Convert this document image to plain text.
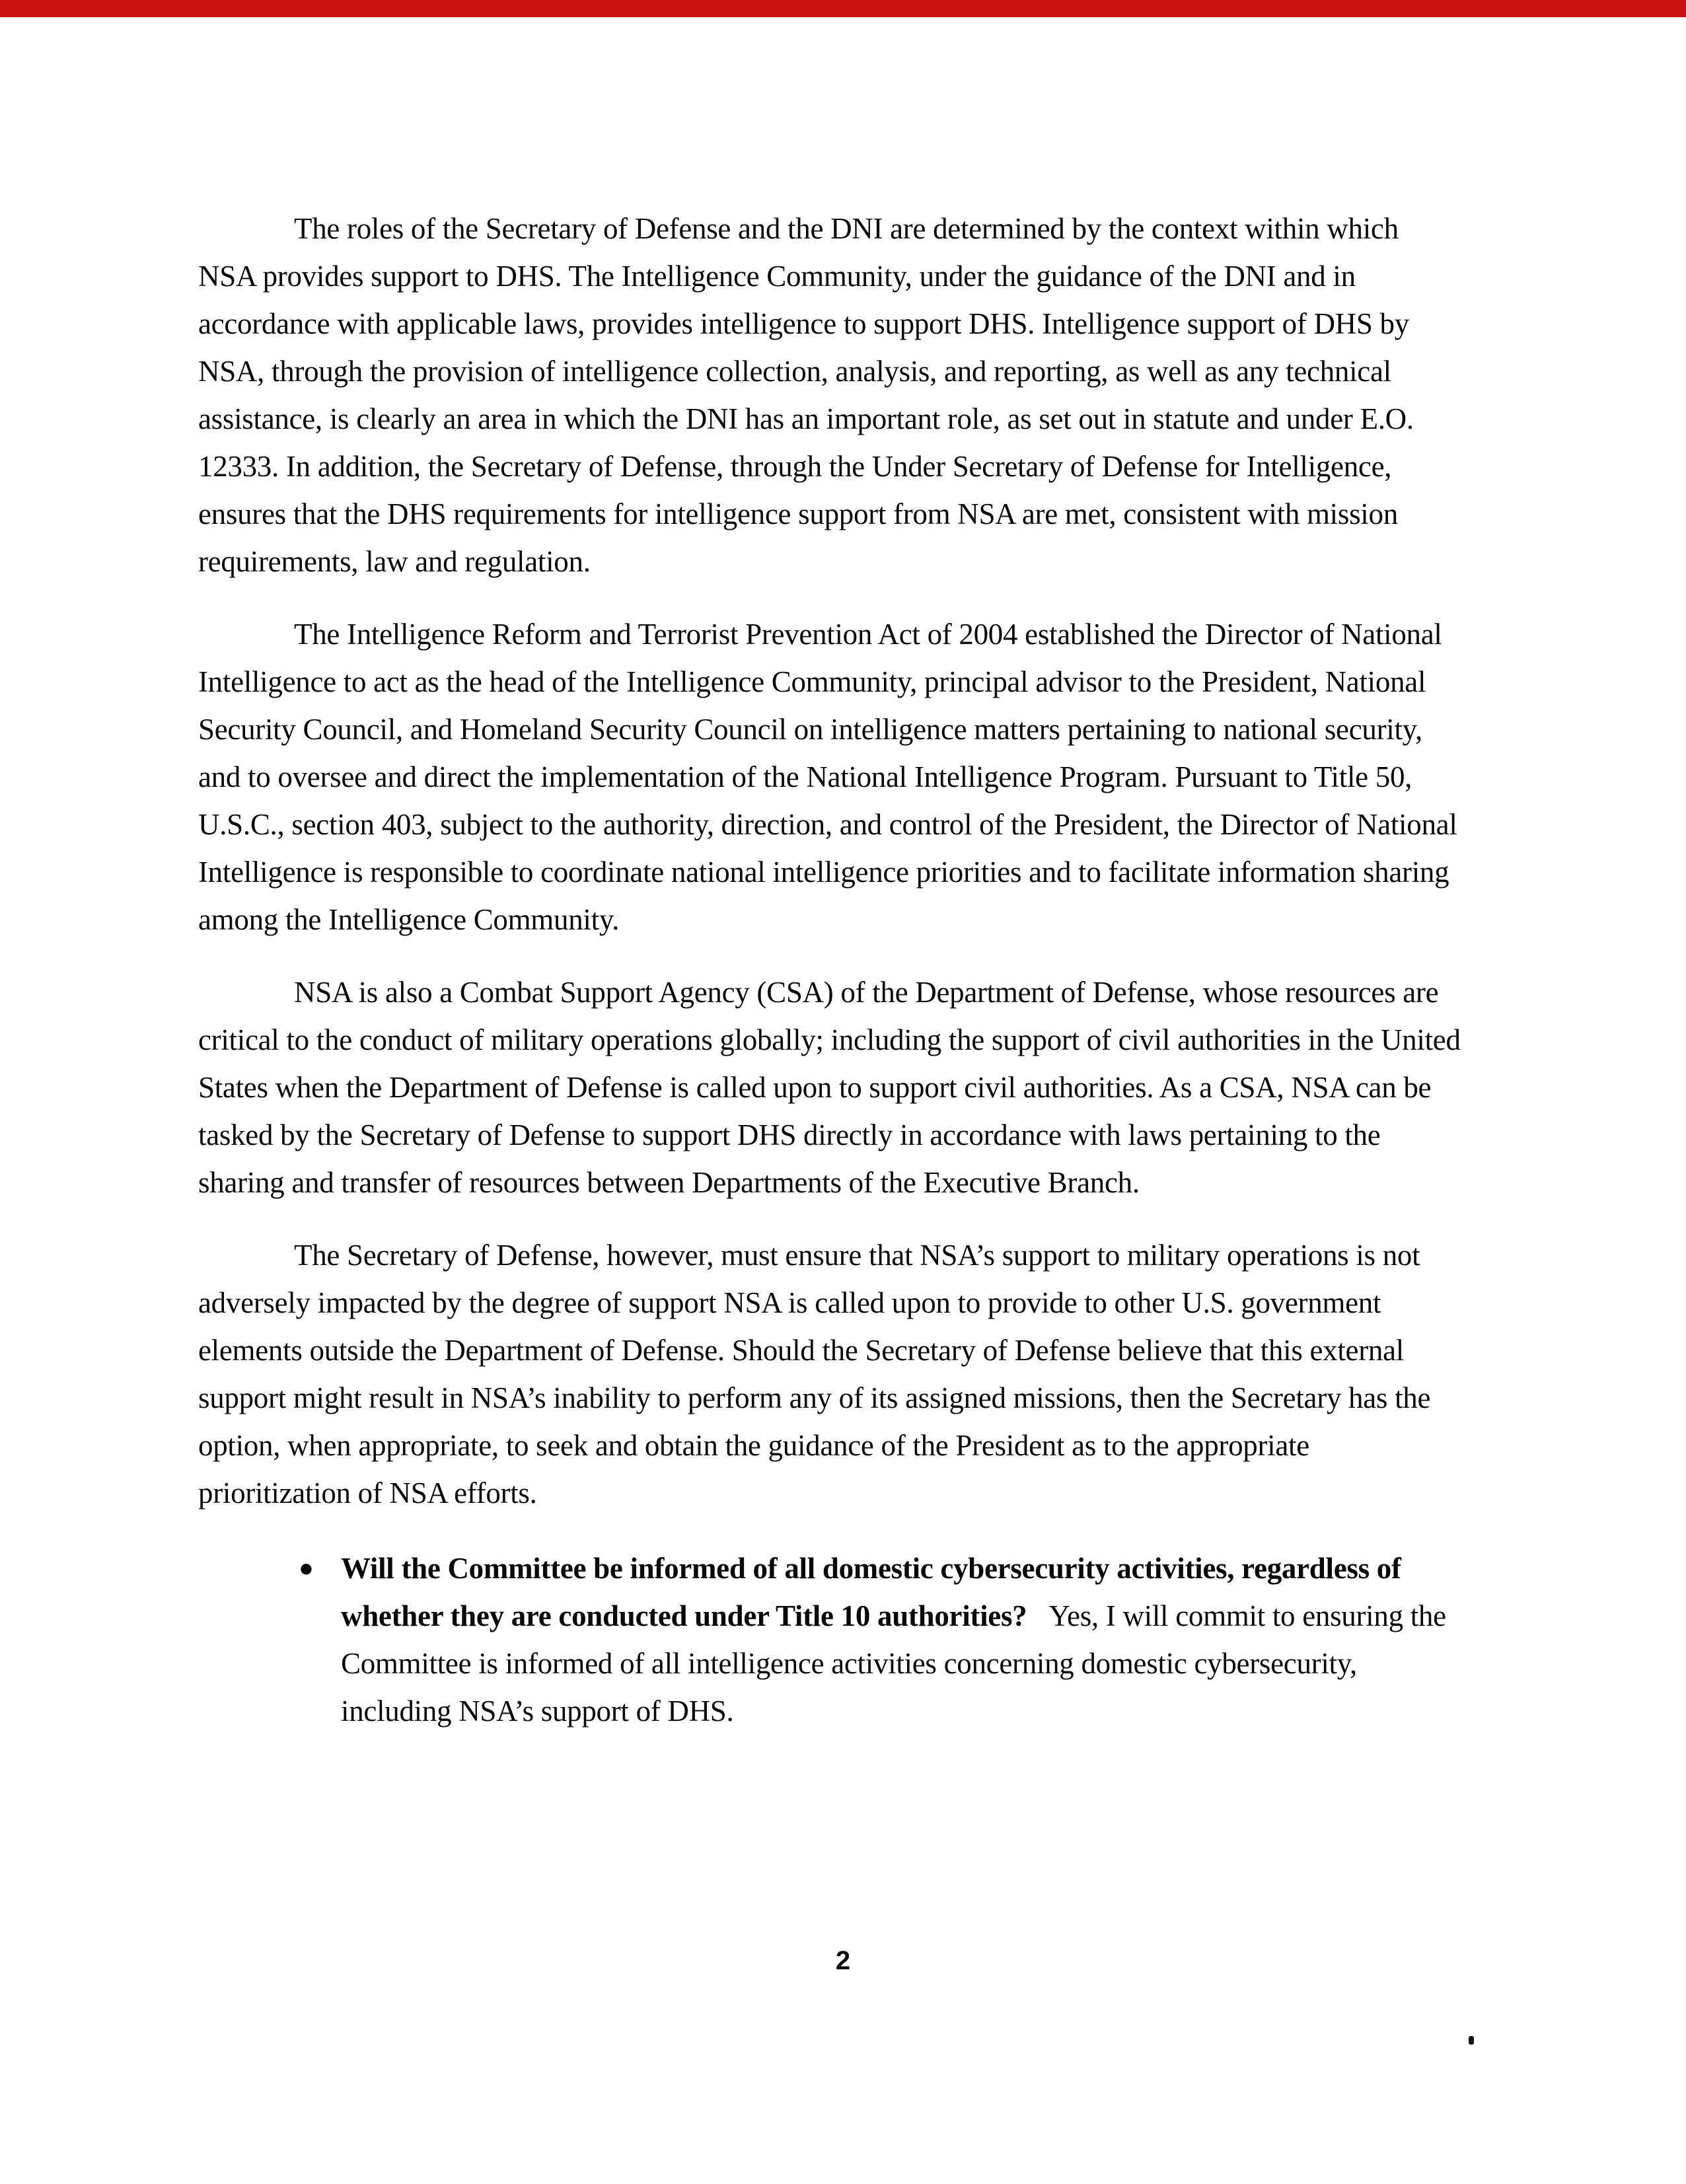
The roles of the Secretary of Defense and the DNI are determined by the context within which NSA provides support to DHS. The Intelligence Community, under the guidance of the DNI and in accordance with applicable laws, provides intelligence to support DHS. Intelligence support of DHS by NSA, through the provision of intelligence collection, analysis, and reporting, as well as any technical assistance, is clearly an area in which the DNI has an important role, as set out in statute and under E.O. 12333. In addition, the Secretary of Defense, through the Under Secretary of Defense for Intelligence, ensures that the DHS requirements for intelligence support from NSA are met, consistent with mission requirements, law and regulation.

The Intelligence Reform and Terrorist Prevention Act of 2004 established the Director of National Intelligence to act as the head of the Intelligence Community, principal advisor to the President, National Security Council, and Homeland Security Council on intelligence matters pertaining to national security, and to oversee and direct the implementation of the National Intelligence Program. Pursuant to Title 50, U.S.C., section 403, subject to the authority, direction, and control of the President, the Director of National Intelligence is responsible to coordinate national intelligence priorities and to facilitate information sharing among the Intelligence Community.

NSA is also a Combat Support Agency (CSA) of the Department of Defense, whose resources are critical to the conduct of military operations globally; including the support of civil authorities in the United States when the Department of Defense is called upon to support civil authorities. As a CSA, NSA can be tasked by the Secretary of Defense to support DHS directly in accordance with laws pertaining to the sharing and transfer of resources between Departments of the Executive Branch.

The Secretary of Defense, however, must ensure that NSA’s support to military operations is not adversely impacted by the degree of support NSA is called upon to provide to other U.S. government elements outside the Department of Defense. Should the Secretary of Defense believe that this external support might result in NSA’s inability to perform any of its assigned missions, then the Secretary has the option, when appropriate, to seek and obtain the guidance of the President as to the appropriate prioritization of NSA efforts.

● Will the Committee be informed of all domestic cybersecurity activities, regardless of whether they are conducted under Title 10 authorities? Yes, I will commit to ensuring the Committee is informed of all intelligence activities concerning domestic cybersecurity, including NSA’s support of DHS.
2
